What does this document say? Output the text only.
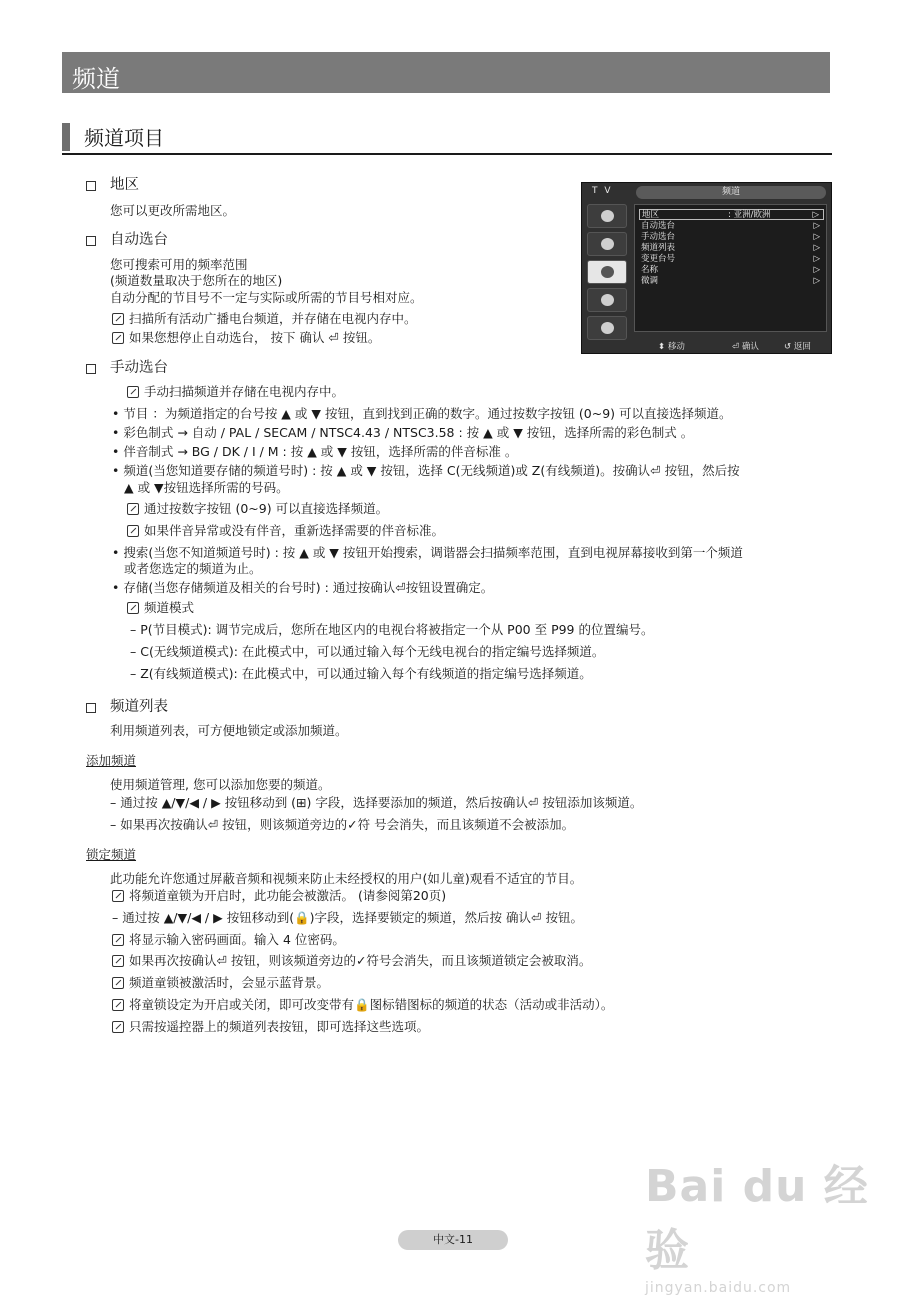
频道
频道项目
地区
您可以更改所需地区。
自动选台
您可搜索可用的频率范围
(频道数量取决于您所在的地区)
自动分配的节目号不一定与实际或所需的节目号相对应。
扫描所有活动广播电台频道，并存储在电视内存中。
如果您想停止自动选台， 按下 确认 ⏎ 按钮。
T V	频道
地区	: 亚洲/欧洲	▷
自动选台	▷
手动选台	▷
频道列表	▷
变更台号	▷
名称	▷
微调	▷
⬍ 移动	⏎ 确认	↺ 返回
手动选台
手动扫描频道并存储在电视内存中。
• 节目 ：为频道指定的台号按 ▲ 或 ▼ 按钮，直到找到正确的数字。通过按数字按钮 (0~9) 可以直接选择频道。
• 彩色制式 → 自动 / PAL / SECAM / NTSC4.43 / NTSC3.58 : 按 ▲ 或 ▼ 按钮，选择所需的彩色制式 。
• 伴音制式 → BG / DK / I / M : 按 ▲ 或 ▼ 按钮，选择所需的伴音标准 。
• 频道(当您知道要存储的频道号时) : 按 ▲ 或 ▼ 按钮，选择 C(无线频道)或 Z(有线频道)。按确认⏎ 按钮，然后按
▲ 或 ▼按钮选择所需的号码。
通过按数字按钮 (0~9) 可以直接选择频道。
如果伴音异常或没有伴音，重新选择需要的伴音标准。
• 搜索(当您不知道频道号时) : 按 ▲ 或 ▼ 按钮开始搜索，调谐器会扫描频率范围，直到电视屏幕接收到第一个频道
或者您选定的频道为止。
• 存储(当您存储频道及相关的台号时) : 通过按确认⏎按钮设置确定。
频道模式
– P(节目模式): 调节完成后，您所在地区内的电视台将被指定一个从 P00 至 P99 的位置编号。
– C(无线频道模式): 在此模式中，可以通过输入每个无线电视台的指定编号选择频道。
– Z(有线频道模式): 在此模式中，可以通过输入每个有线频道的指定编号选择频道。
频道列表
利用频道列表，可方便地锁定或添加频道。
添加频道
使用频道管理, 您可以添加您要的频道。
– 通过按 ▲/▼/◀ / ▶ 按钮移动到 (⊞) 字段，选择要添加的频道，然后按确认⏎ 按钮添加该频道。
– 如果再次按确认⏎ 按钮，则该频道旁边的✓符 号会消失，而且该频道不会被添加。
锁定频道
此功能允许您通过屏蔽音频和视频来防止未经授权的用户(如儿童)观看不适宜的节目。
将频道童锁为开启时，此功能会被激活。 (请参阅第20页)
– 通过按 ▲/▼/◀ / ▶ 按钮移动到(🔒)字段，选择要锁定的频道，然后按 确认⏎ 按钮。
将显示输入密码画面。输入 4 位密码。
如果再次按确认⏎ 按钮，则该频道旁边的✓符号会消失，而且该频道锁定会被取消。
频道童锁被激活时，会显示蓝背景。
将童锁设定为开启或关闭，即可改变带有🔒图标错图标的频道的状态（活动或非活动）。
只需按遥控器上的频道列表按钮，即可选择这些选项。
Bai du 经验
jingyan.baidu.com
中文-11
